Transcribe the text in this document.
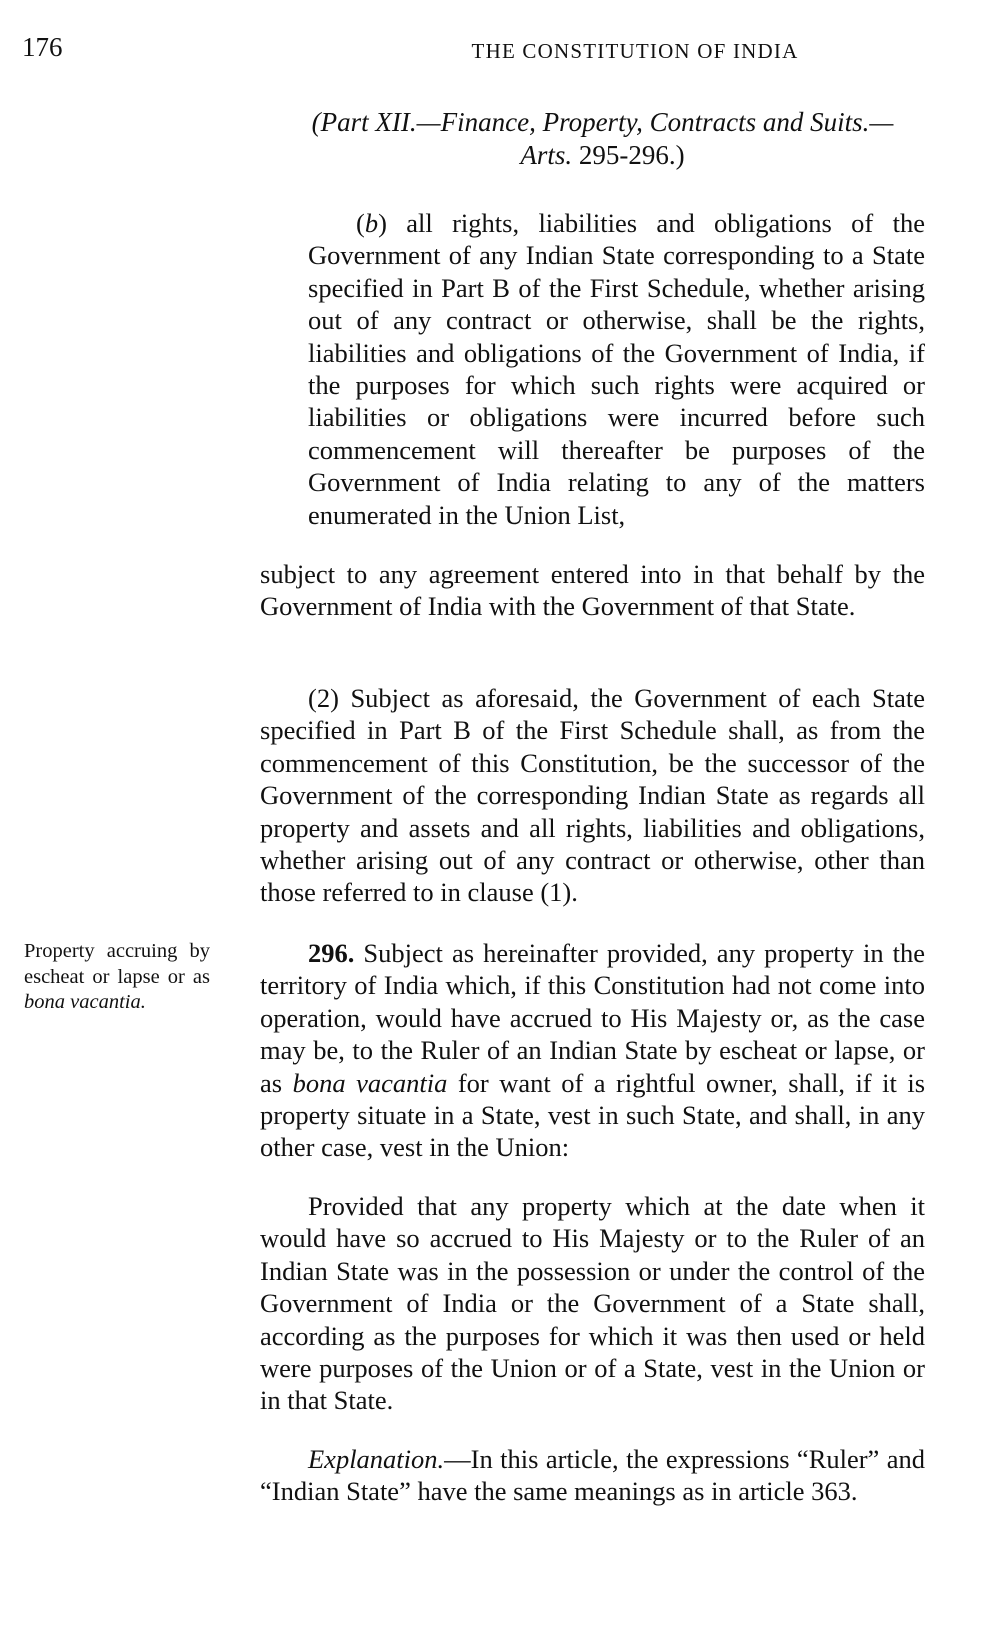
176	THE CONSTITUTION OF INDIA
(Part XII.—Finance, Property, Contracts and Suits.—
Arts. 295-296.)

(b) all rights, liabilities and obligations of the Government of any Indian State corresponding to a State specified in Part B of the First Schedule, whether arising out of any contract or otherwise, shall be the rights, liabilities and obligations of the Government of India, if the purposes for which such rights were acquired or liabilities or obligations were incurred before such commencement will thereafter be purposes of the Government of India relating to any of the matters enumerated in the Union List,

subject to any agreement entered into in that behalf by the Government of India with the Government of that State.

(2) Subject as aforesaid, the Government of each State specified in Part B of the First Schedule shall, as from the commencement of this Constitution, be the successor of the Government of the corresponding Indian State as regards all property and assets and all rights, liabilities and obligations, whether arising out of any contract or otherwise, other than those referred to in clause (1).

Property accruing by escheat or lapse or as bona vacantia.

296. Subject as hereinafter provided, any property in the territory of India which, if this Constitution had not come into operation, would have accrued to His Majesty or, as the case may be, to the Ruler of an Indian State by escheat or lapse, or as bona vacantia for want of a rightful owner, shall, if it is property situate in a State, vest in such State, and shall, in any other case, vest in the Union:

Provided that any property which at the date when it would have so accrued to His Majesty or to the Ruler of an Indian State was in the possession or under the control of the Government of India or the Government of a State shall, according as the purposes for which it was then used or held were purposes of the Union or of a State, vest in the Union or in that State.

Explanation.—In this article, the expressions “Ruler” and “Indian State” have the same meanings as in article 363.
